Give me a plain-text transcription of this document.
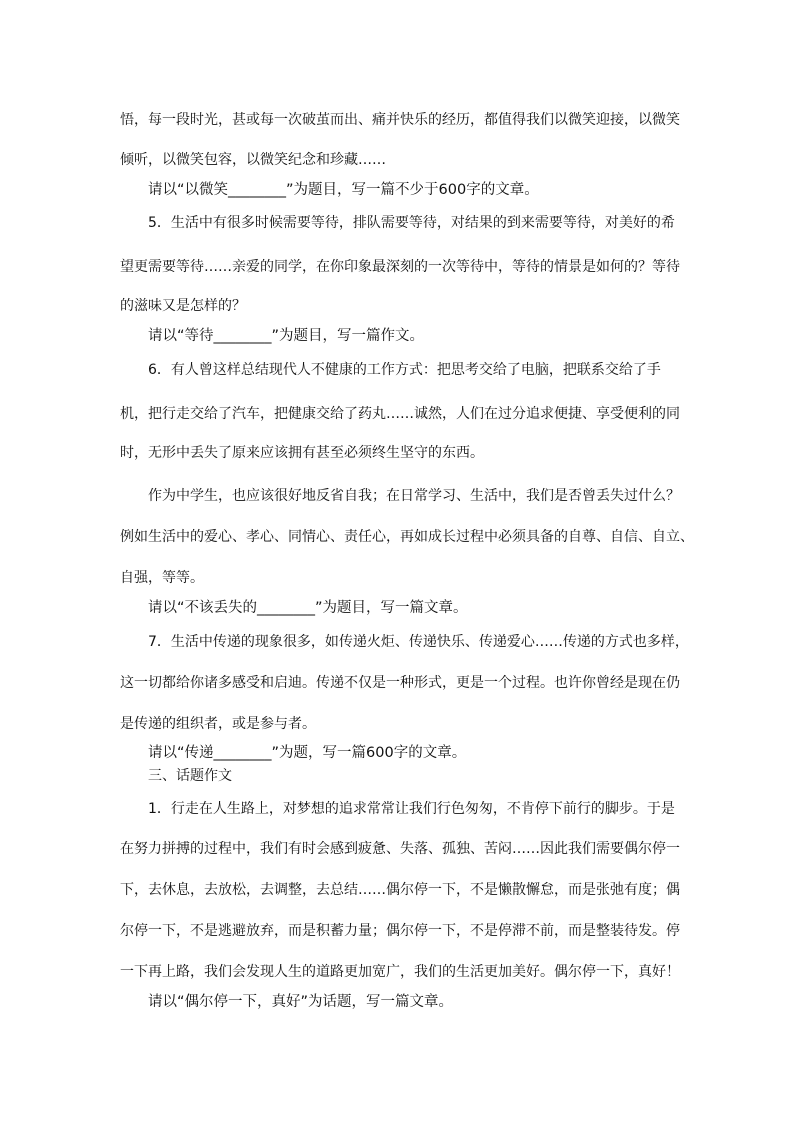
悟，每一段时光，甚或每一次破茧而出、痛并快乐的经历，都值得我们以微笑迎接，以微笑
倾听，以微笑包容，以微笑纪念和珍藏……
请以“以微笑________”为题目，写一篇不少于600字的文章。
5．生活中有很多时候需要等待，排队需要等待，对结果的到来需要等待，对美好的希
望更需要等待……亲爱的同学，在你印象最深刻的一次等待中，等待的情景是如何的？等待
的滋味又是怎样的？
请以“等待________”为题目，写一篇作文。
6．有人曾这样总结现代人不健康的工作方式：把思考交给了电脑，把联系交给了手
机，把行走交给了汽车，把健康交给了药丸……诚然，人们在过分追求便捷、享受便利的同
时，无形中丢失了原来应该拥有甚至必须终生坚守的东西。
作为中学生，也应该很好地反省自我；在日常学习、生活中，我们是否曾丢失过什么？
例如生活中的爱心、孝心、同情心、责任心，再如成长过程中必须具备的自尊、自信、自立、
自强，等等。
请以“不该丢失的________”为题目，写一篇文章。
7．生活中传递的现象很多，如传递火炬、传递快乐、传递爱心……传递的方式也多样，
这一切都给你诸多感受和启迪。传递不仅是一种形式，更是一个过程。也许你曾经是现在仍
是传递的组织者，或是参与者。
请以“传递________”为题，写一篇600字的文章。
三、话题作文
1．行走在人生路上，对梦想的追求常常让我们行色匆匆，不肯停下前行的脚步。于是
在努力拼搏的过程中，我们有时会感到疲惫、失落、孤独、苦闷……因此我们需要偶尔停一
下，去休息，去放松，去调整，去总结……偶尔停一下，不是懒散懈怠，而是张弛有度；偶
尔停一下，不是逃避放弃，而是积蓄力量；偶尔停一下，不是停滞不前，而是整装待发。停
一下再上路，我们会发现人生的道路更加宽广，我们的生活更加美好。偶尔停一下，真好！
请以“偶尔停一下，真好”为话题，写一篇文章。
